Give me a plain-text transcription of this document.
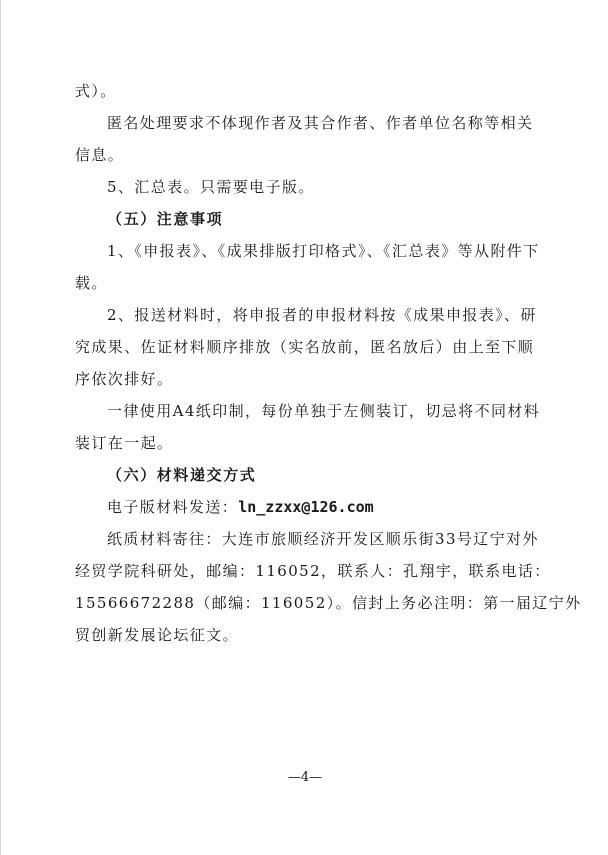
式）。
匿名处理要求不体现作者及其合作者、作者单位名称等相关
信息。
5、汇总表。只需要电子版。
（五）注意事项
1、《申报表》、《成果排版打印格式》、《汇总表》等从附件下
载。
2、报送材料时，将申报者的申报材料按《成果申报表》、研
究成果、佐证材料顺序排放（实名放前，匿名放后）由上至下顺
序依次排好。
一律使用A4纸印制，每份单独于左侧装订，切忌将不同材料
装订在一起。
（六）材料递交方式
电子版材料发送：ln_zzxx@126.com
纸质材料寄往：大连市旅顺经济开发区顺乐街33号辽宁对外
经贸学院科研处，邮编：116052，联系人：孔翔宇，联系电话：
15566672288（邮编：116052）。信封上务必注明：第一届辽宁外
贸创新发展论坛征文。
—4—
